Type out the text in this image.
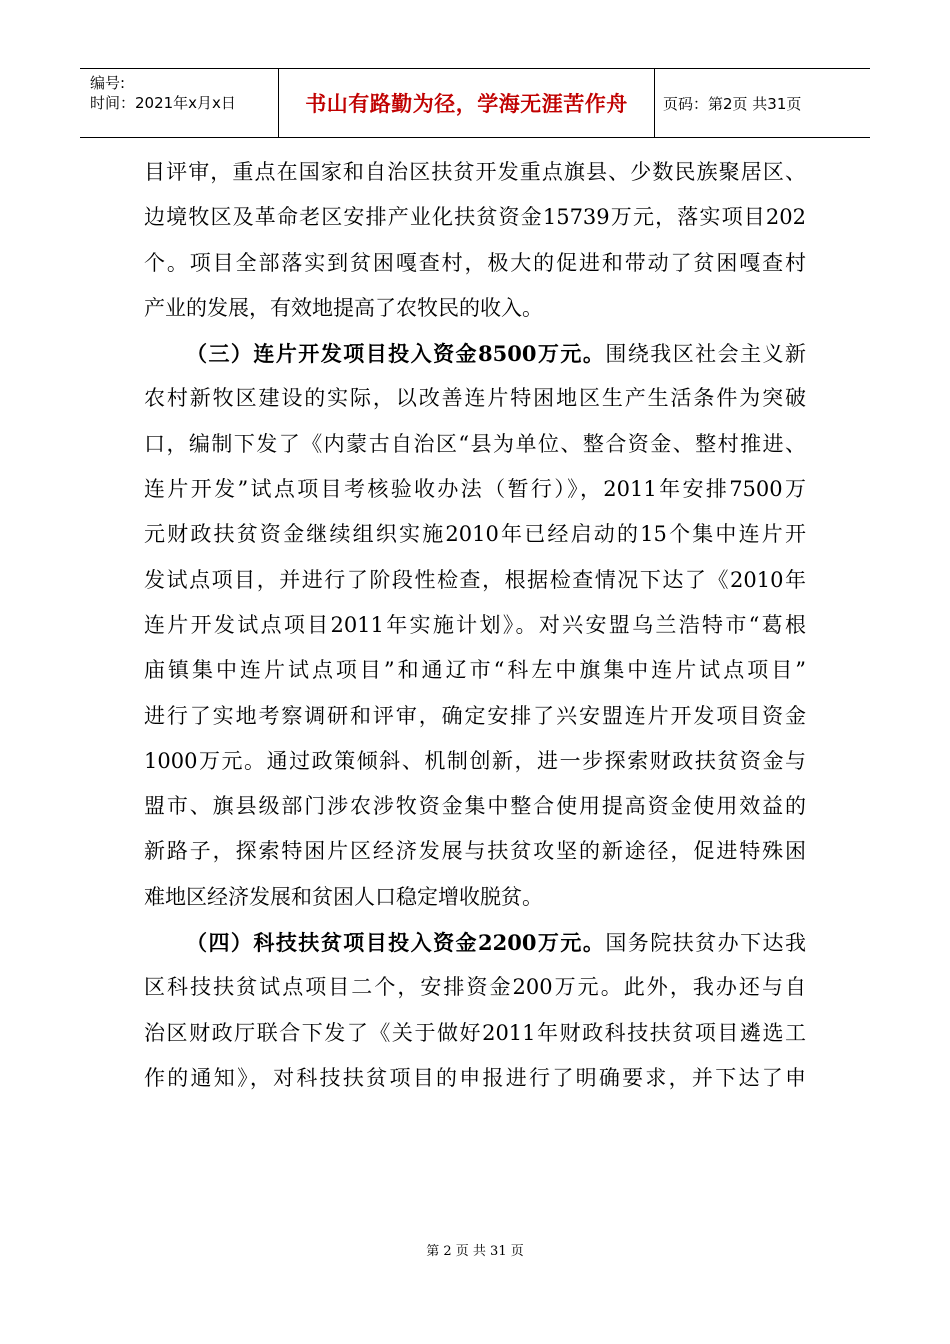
编号:
时间：2021年x月x日	书山有路勤为径，学海无涯苦作舟	页码：第2页 共31页
目评审，重点在国家和自治区扶贫开发重点旗县、少数民族聚居区、
边境牧区及革命老区安排产业化扶贫资金15739万元，落实项目202
个。项目全部落实到贫困嘎查村，极大的促进和带动了贫困嘎查村
产业的发展，有效地提高了农牧民的收入。
（三）连片开发项目投入资金8500万元。围绕我区社会主义新
农村新牧区建设的实际，以改善连片特困地区生产生活条件为突破
口，编制下发了《内蒙古自治区“县为单位、整合资金、整村推进、
连片开发”试点项目考核验收办法（暂行）》，2011年安排7500万
元财政扶贫资金继续组织实施2010年已经启动的15个集中连片开
发试点项目，并进行了阶段性检查，根据检查情况下达了《2010年
连片开发试点项目2011年实施计划》。对兴安盟乌兰浩特市“葛根
庙镇集中连片试点项目”和通辽市“科左中旗集中连片试点项目”
进行了实地考察调研和评审，确定安排了兴安盟连片开发项目资金
1000万元。通过政策倾斜、机制创新，进一步探索财政扶贫资金与
盟市、旗县级部门涉农涉牧资金集中整合使用提高资金使用效益的
新路子，探索特困片区经济发展与扶贫攻坚的新途径，促进特殊困
难地区经济发展和贫困人口稳定增收脱贫。
（四）科技扶贫项目投入资金2200万元。国务院扶贫办下达我
区科技扶贫试点项目二个，安排资金200万元。此外，我办还与自
治区财政厅联合下发了《关于做好2011年财政科技扶贫项目遴选工
作的通知》，对科技扶贫项目的申报进行了明确要求，并下达了申
第 2 页 共 31 页
